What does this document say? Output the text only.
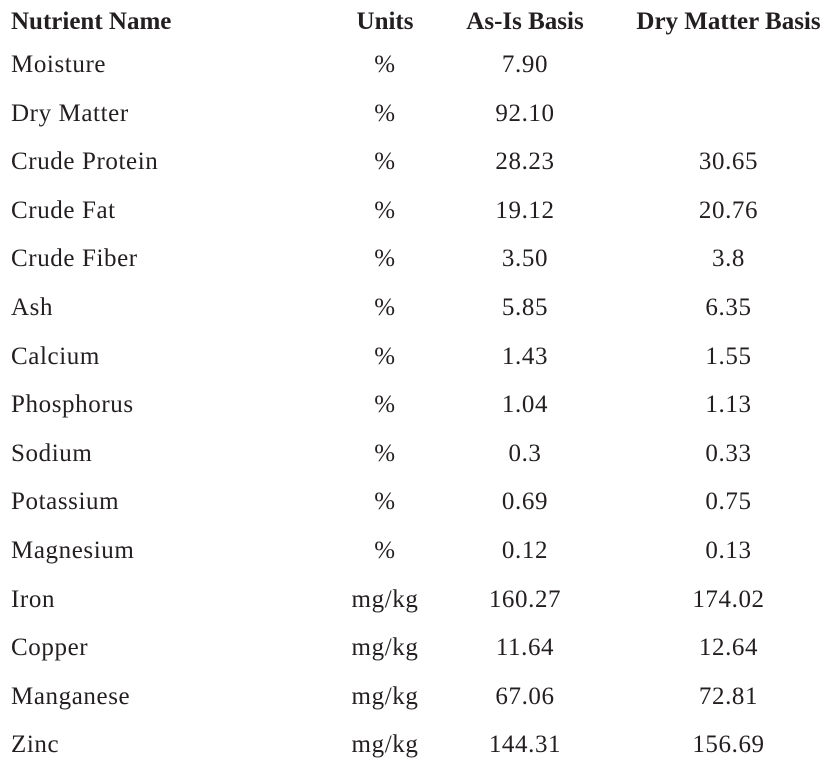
Nutrient Name	Units	As-Is Basis	Dry Matter Basis
Moisture	%	7.90
Dry Matter	%	92.10
Crude Protein	%	28.23	30.65
Crude Fat	%	19.12	20.76
Crude Fiber	%	3.50	3.8
Ash	%	5.85	6.35
Calcium	%	1.43	1.55
Phosphorus	%	1.04	1.13
Sodium	%	0.3	0.33
Potassium	%	0.69	0.75
Magnesium	%	0.12	0.13
Iron	mg/kg	160.27	174.02
Copper	mg/kg	11.64	12.64
Manganese	mg/kg	67.06	72.81
Zinc	mg/kg	144.31	156.69
